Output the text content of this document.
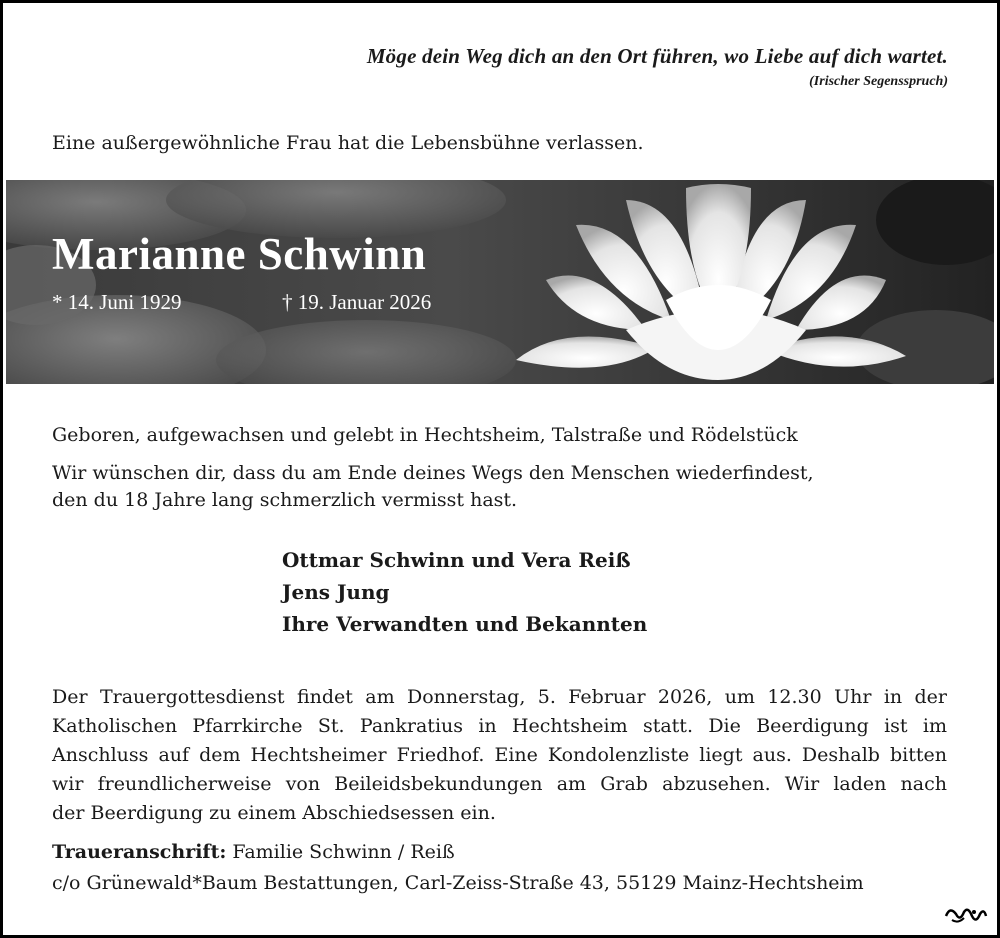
Möge dein Weg dich an den Ort führen, wo Liebe auf dich wartet.
(Irischer Segensspruch)
Eine außergewöhnliche Frau hat die Lebensbühne verlassen.
Marianne Schwinn
* 14. Juni 1929	† 19. Januar 2026
Geboren, aufgewachsen und gelebt in Hechtsheim, Talstraße und Rödelstück
Wir wünschen dir, dass du am Ende deines Wegs den Menschen wiederfindest,
den du 18 Jahre lang schmerzlich vermisst hast.
Ottmar Schwinn und Vera Reiß
Jens Jung
Ihre Verwandten und Bekannten
Der Trauergottesdienst findet am Donnerstag, 5. Februar 2026, um 12.30 Uhr in der
Katholischen Pfarrkirche St. Pankratius in Hechtsheim statt. Die Beerdigung ist im
Anschluss auf dem Hechtsheimer Friedhof. Eine Kondolenzliste liegt aus. Deshalb bitten
wir freundlicherweise von Beileidsbekundungen am Grab abzusehen. Wir laden nach
der Beerdigung zu einem Abschiedsessen ein.
Traueranschrift: Familie Schwinn / Reiß
c/o Grünewald*Baum Bestattungen, Carl-Zeiss-Straße 43, 55129 Mainz-Hechtsheim
